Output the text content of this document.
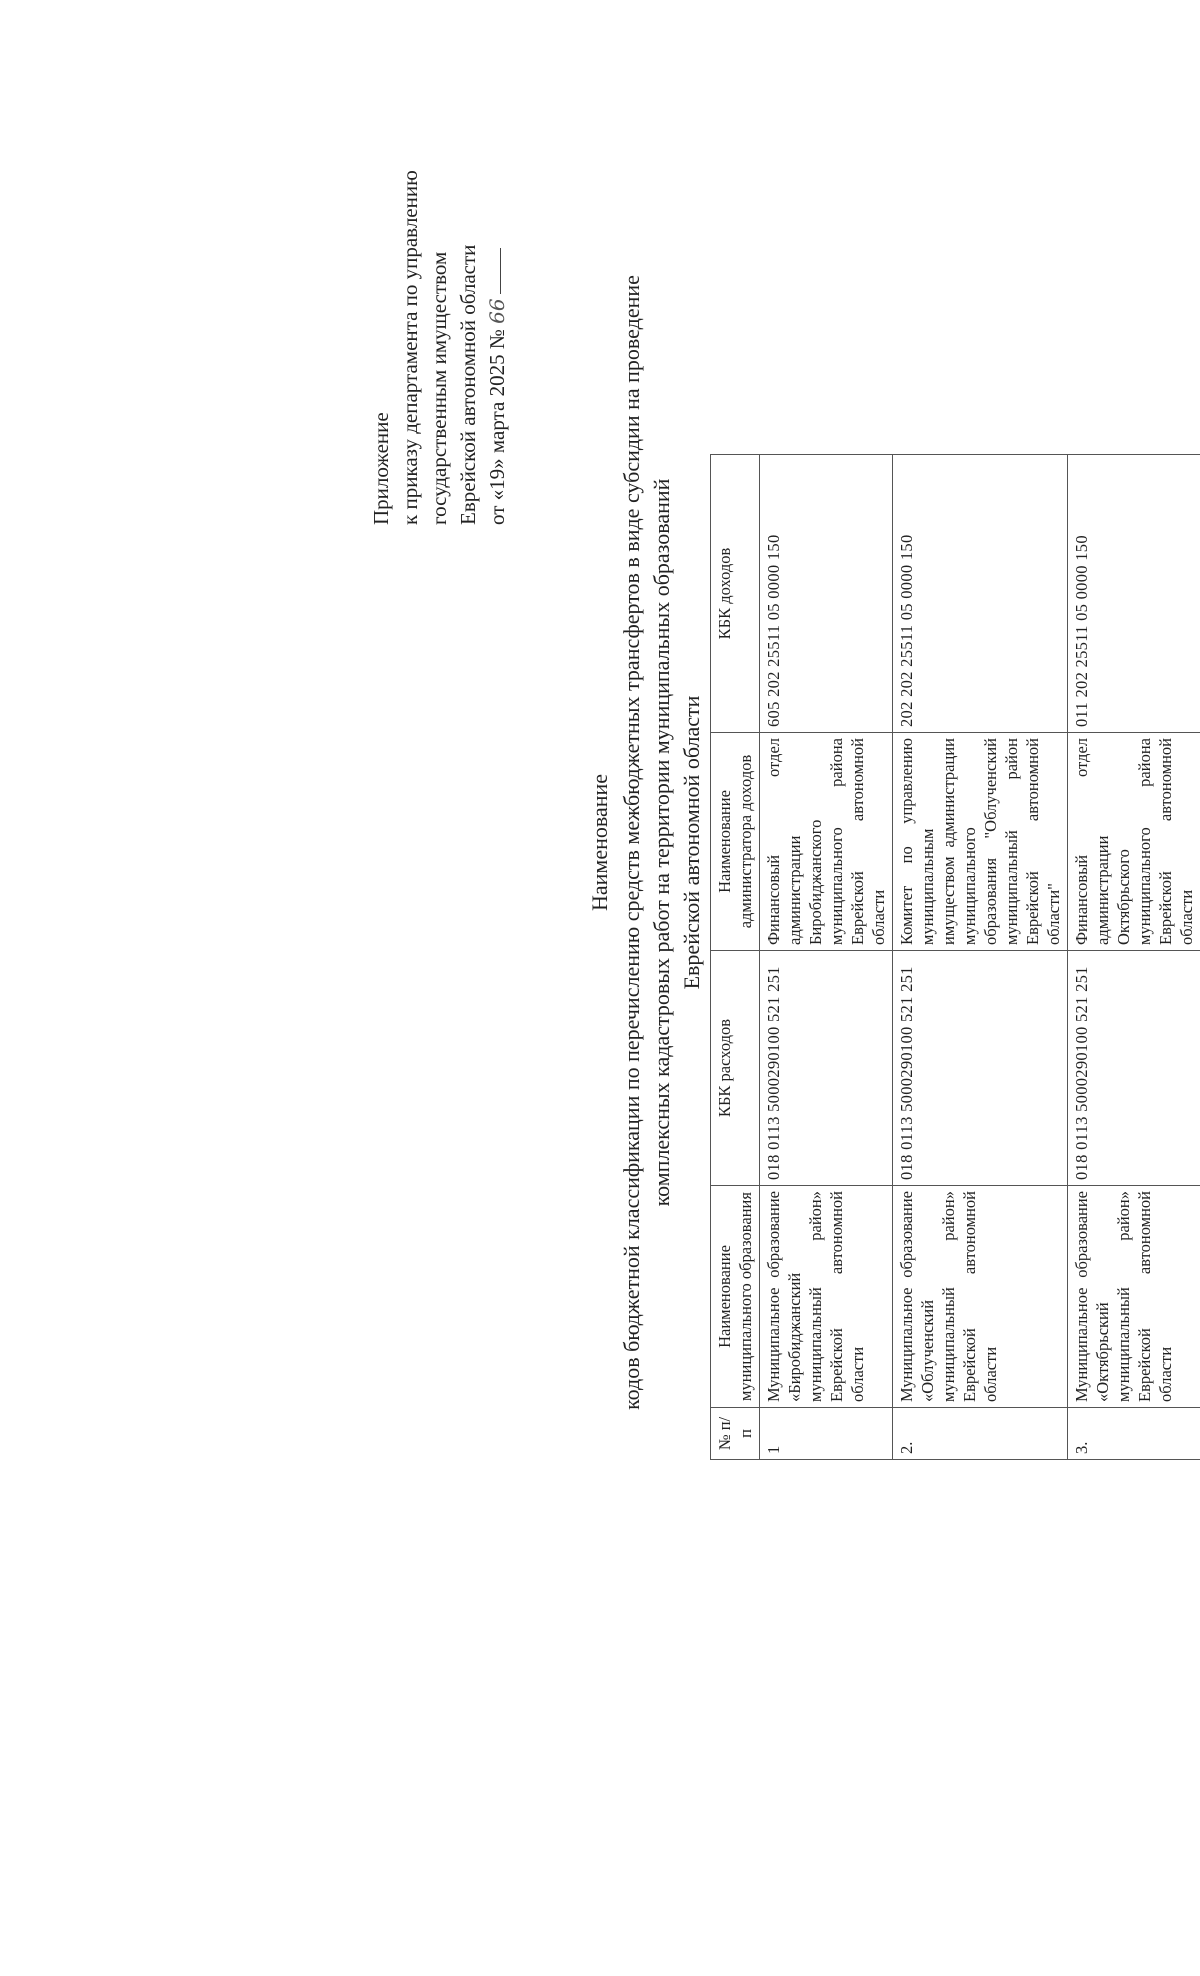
Приложение к приказу департамента по управлению государственным имуществом Еврейской автономной области от «19» марта 2025 № 66
Наименование кодов бюджетной классификации по перечислению средств межбюджетных трансфертов в виде субсидии на проведение комплексных кадастровых работ на территории муниципальных образований Еврейской автономной области
№ п/п	Наименование муниципального образования	КБК расходов	Наименование администратора доходов	КБК доходов
1	Муниципальное образование «Биробиджанский муниципальный район» Еврейской автономной области	018 0113 5000290100 521 251	Финансовый отдел администрации Биробиджанского муниципального района Еврейской автономной области	605 202 25511 05 0000 150
2.	Муниципальное образование «Облученский муниципальный район» Еврейской автономной области	018 0113 5000290100 521 251	Комитет по управлению муниципальным имуществом администрации муниципального образования "Облученский муниципальный район Еврейской автономной области"	202 202 25511 05 0000 150
3.	Муниципальное образование «Октябрьский муниципальный район» Еврейской автономной области	018 0113 5000290100 521 251	Финансовый отдел администрации Октябрьского муниципального района Еврейской автономной области	011 202 25511 05 0000 150
